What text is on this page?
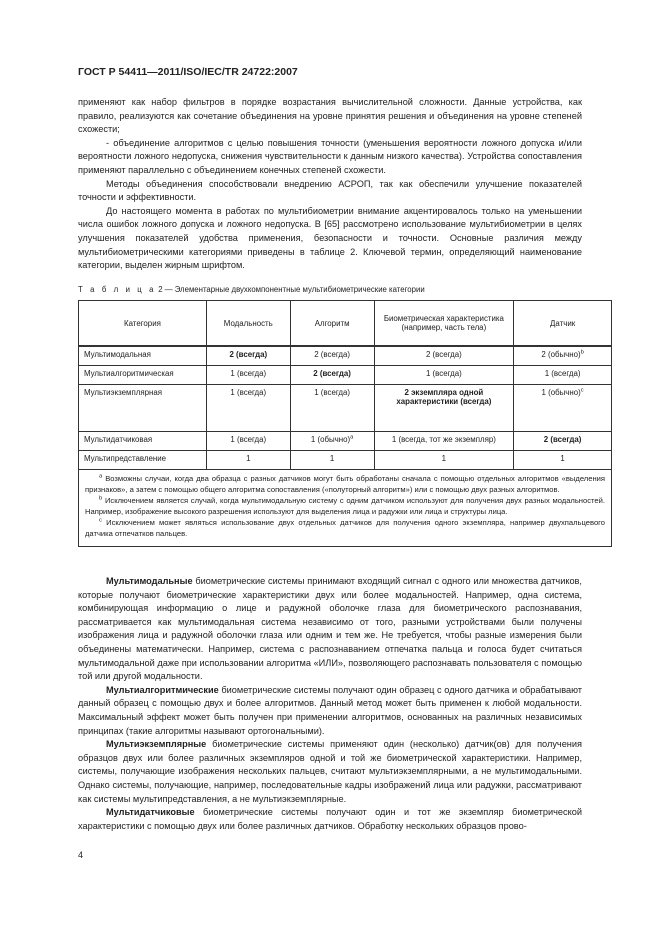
ГОСТ Р 54411—2011/ISO/IEC/TR 24722:2007

применяют как набор фильтров в порядке возрастания вычислительной сложности. Данные устройства, как правило, реализуются как сочетание объединения на уровне принятия решения и объединения на уровне степеней схожести;

- объединение алгоритмов с целью повышения точности (уменьшения вероятности ложного допуска и/или вероятности ложного недопуска, снижения чувствительности к данным низкого качества). Устройства сопоставления применяют параллельно с объединением конечных степеней схожести.

Методы объединения способствовали внедрению АСРОП, так как обеспечили улучшение показателей точности и эффективности.

До настоящего момента в работах по мультибиометрии внимание акцентировалось только на уменьшении числа ошибок ложного допуска и ложного недопуска. В [65] рассмотрено использование мультибиометрии в целях улучшения показателей удобства применения, безопасности и точности. Основные различия между мультибиометрическими категориями приведены в таблице 2. Ключевой термин, определяющий наименование категории, выделен жирным шрифтом.

Т а б л и ц а 2 — Элементарные двухкомпонентные мультибиометрические категории
Категория	Модальность	Алгоритм	Биометрическая характеристика (например, часть тела)	Датчик
Мультимодальная	2 (всегда)	2 (всегда)	2 (всегда)	2 (обычно)$^b$
Мультиалгоритмическая	1 (всегда)	2 (всегда)	1 (всегда)	1 (всегда)
Мультиэкземплярная	1 (всегда)	1 (всегда)	2 экземпляра одной характеристики (всегда)	1 (обычно)$^c$
Мультидатчиковая	1 (всегда)	1 (обычно)$^a$	1 (всегда, тот же экземпляр)	2 (всегда)
Мультипредставление	1	1	1	1

$^a$ Возможны случаи, когда два образца с разных датчиков могут быть обработаны сначала с помощью отдельных алгоритмов «выделения признаков», а затем с помощью общего алгоритма сопоставления («полуторный алгоритм») или с помощью двух разных алгоритмов.
$^b$ Исключением является случай, когда мультимодальную систему с одним датчиком используют для получения двух разных модальностей. Например, изображение высокого разрешения используют для выделения лица и радужки или лица и структуры лица.
$^c$ Исключением может являться использование двух отдельных датчиков для получения одного экземпляра, например двухпальцевого датчика отпечатков пальцев.				

Мультимодальные биометрические системы принимают входящий сигнал с одного или множества датчиков, которые получают биометрические характеристики двух или более модальностей. Например, одна система, комбинирующая информацию о лице и радужной оболочке глаза для биометрического распознавания, рассматривается как мультимодальная система независимо от того, разными устройствами были получены изображения лица и радужной оболочки глаза или одним и тем же. Не требуется, чтобы разные измерения были объединены математически. Например, система с распознаванием отпечатка пальца и голоса будет считаться мультимодальной даже при использовании алгоритма «ИЛИ», позволяющего распознавать пользователя с помощью той или другой модальности.

Мультиалгоритмические биометрические системы получают один образец с одного датчика и обрабатывают данный образец с помощью двух и более алгоритмов. Данный метод может быть применен к любой модальности. Максимальный эффект может быть получен при применении алгоритмов, основанных на различных независимых принципах (такие алгоритмы называют ортогональными).

Мультиэкземплярные биометрические системы применяют один (несколько) датчик(ов) для получения образцов двух или более различных экземпляров одной и той же биометрической характеристики. Например, системы, получающие изображения нескольких пальцев, считают мультиэкземплярными, а не мультимодальными. Однако системы, получающие, например, последовательные кадры изображений лица или радужки, рассматривают как системы мультипредставления, а не мультиэкземплярные.

Мультидатчиковые биометрические системы получают один и тот же экземпляр биометрической характеристики с помощью двух или более различных датчиков. Обработку нескольких образцов прово-

4
